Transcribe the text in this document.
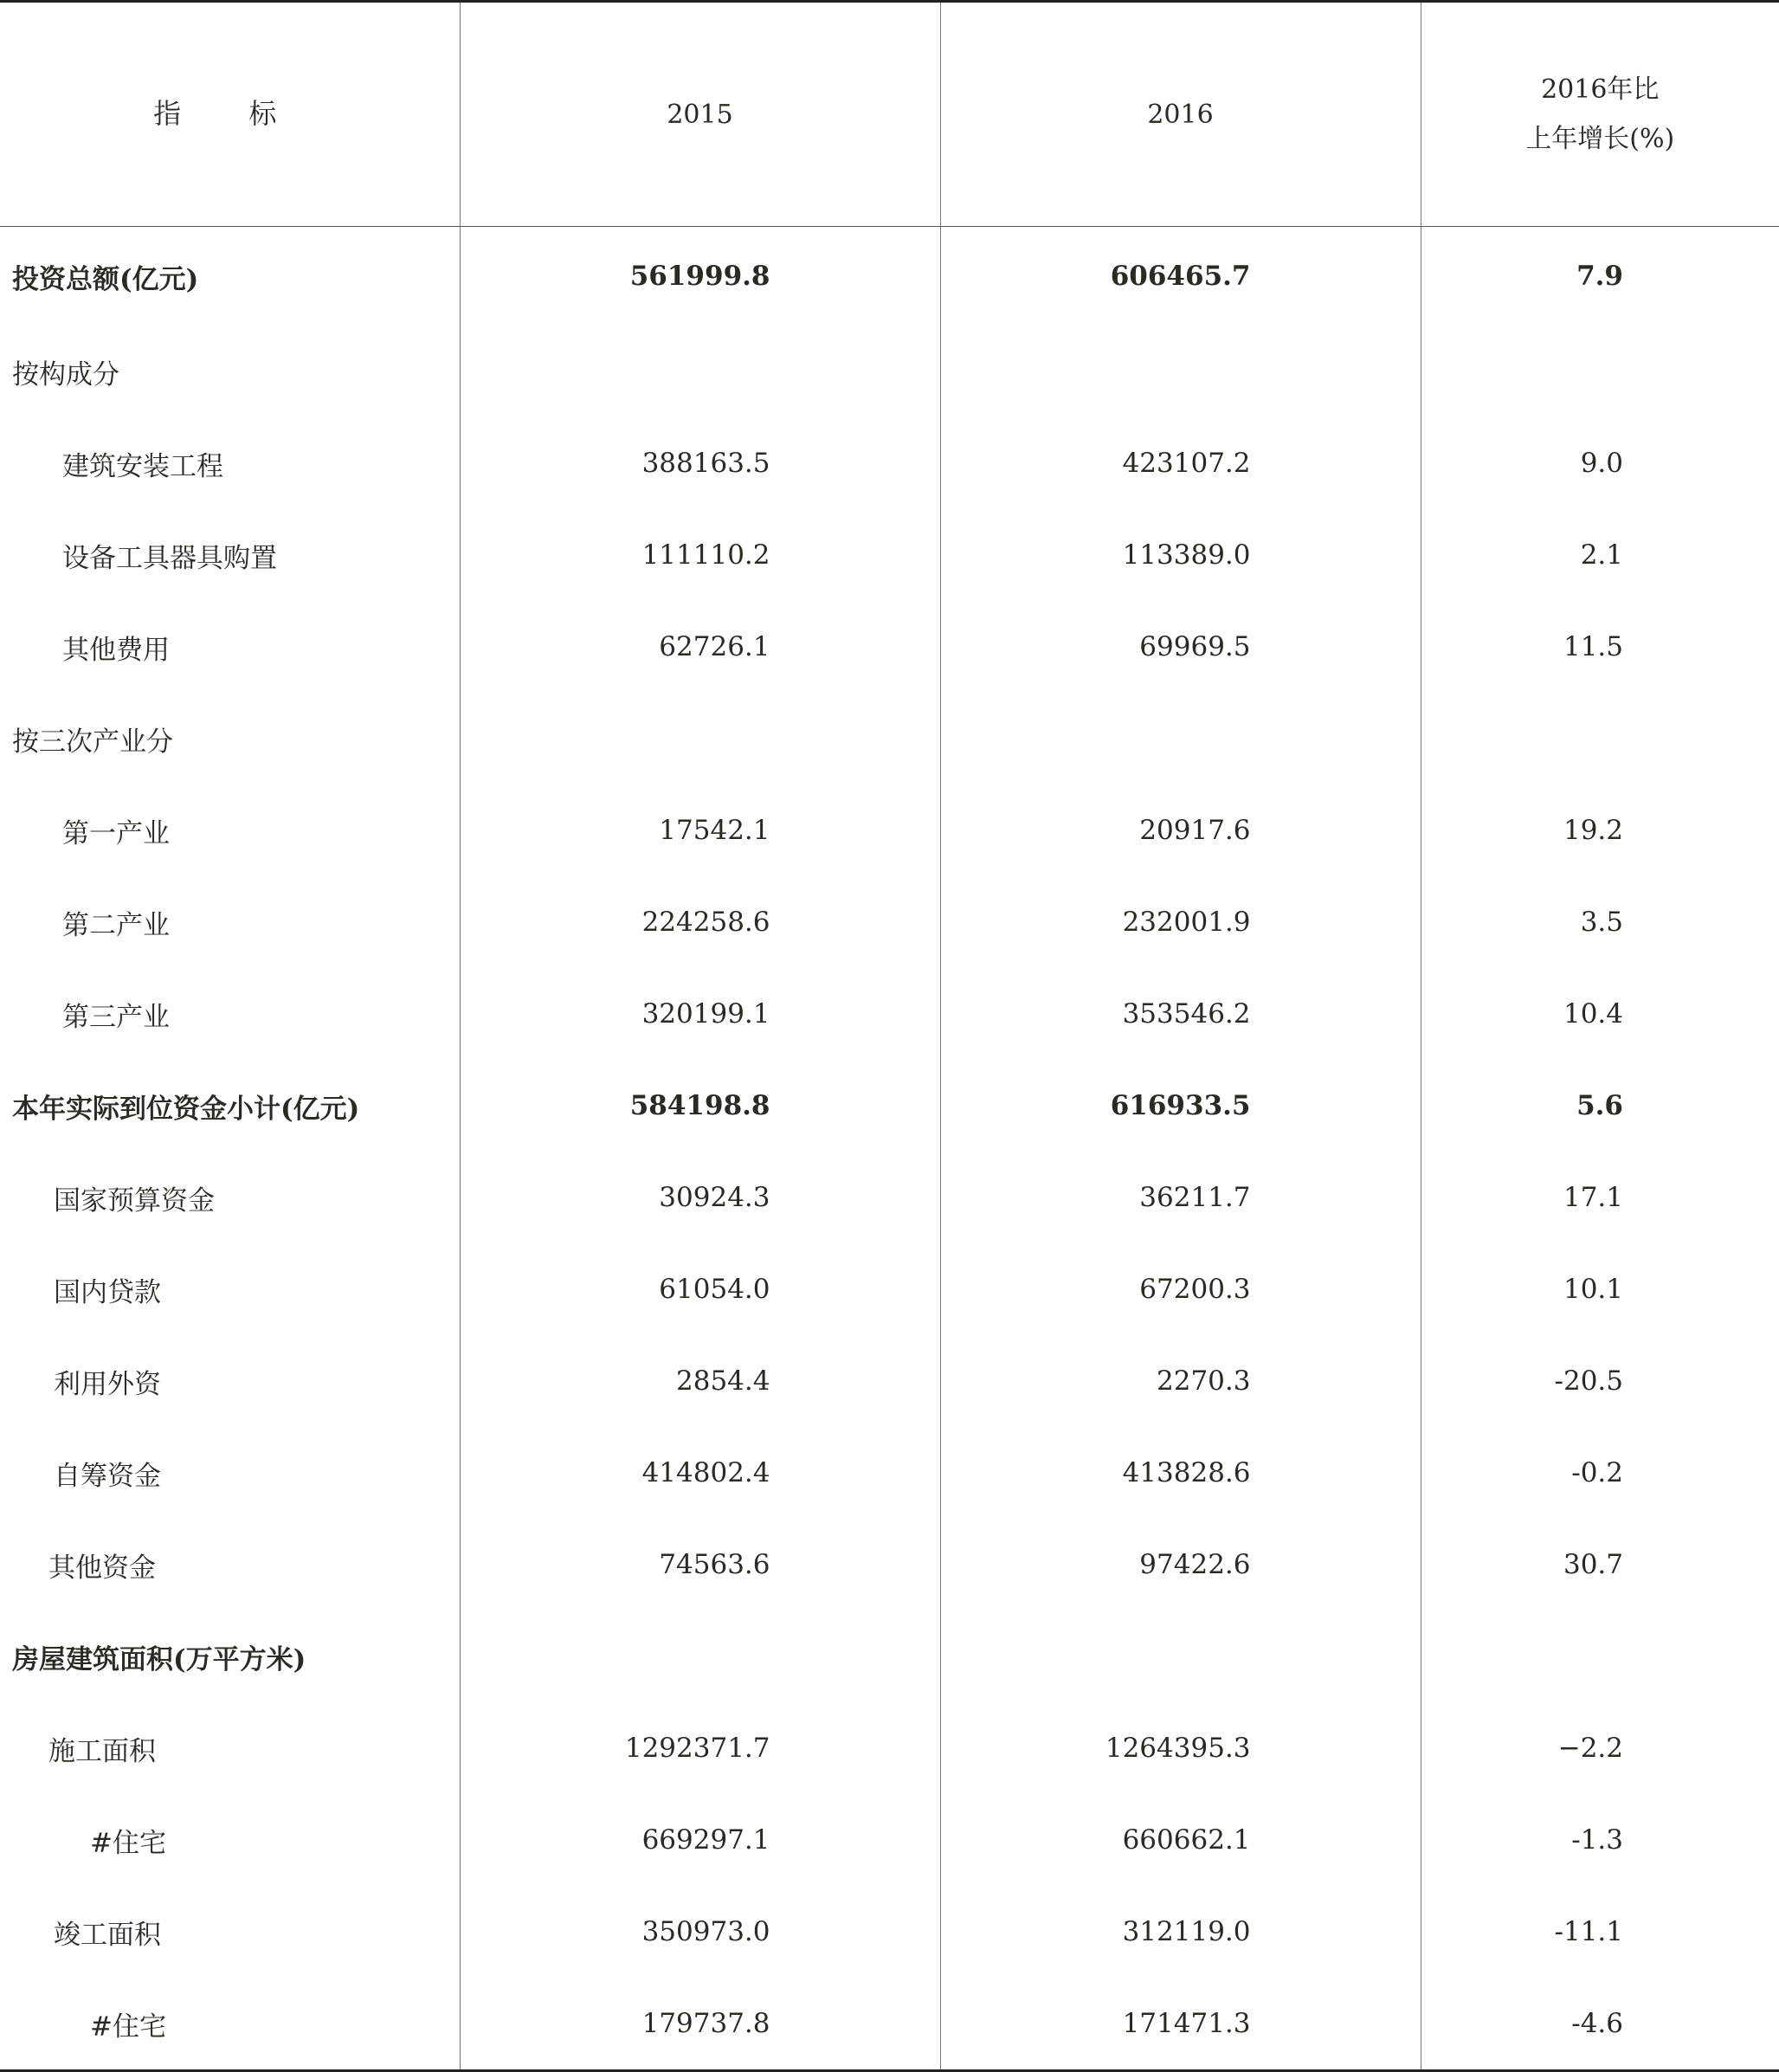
指 标	2015	2016	2016年比
上年增长(%)

投资总额(亿元)	561999.8	606465.7	7.9
按构成分			
建筑安装工程	388163.5	423107.2	9.0
设备工具器具购置	111110.2	113389.0	2.1
其他费用	62726.1	69969.5	11.5
按三次产业分			
第一产业	17542.1	20917.6	19.2
第二产业	224258.6	232001.9	3.5
第三产业	320199.1	353546.2	10.4
本年实际到位资金小计(亿元)	584198.8	616933.5	5.6
国家预算资金	30924.3	36211.7	17.1
国内贷款	61054.0	67200.3	10.1
利用外资	2854.4	2270.3	-20.5
自筹资金	414802.4	413828.6	-0.2
其他资金	74563.6	97422.6	30.7
房屋建筑面积(万平方米)			
施工面积	1292371.7	1264395.3	−2.2
#住宅	669297.1	660662.1	-1.3
竣工面积	350973.0	312119.0	-11.1
#住宅	179737.8	171471.3	-4.6
